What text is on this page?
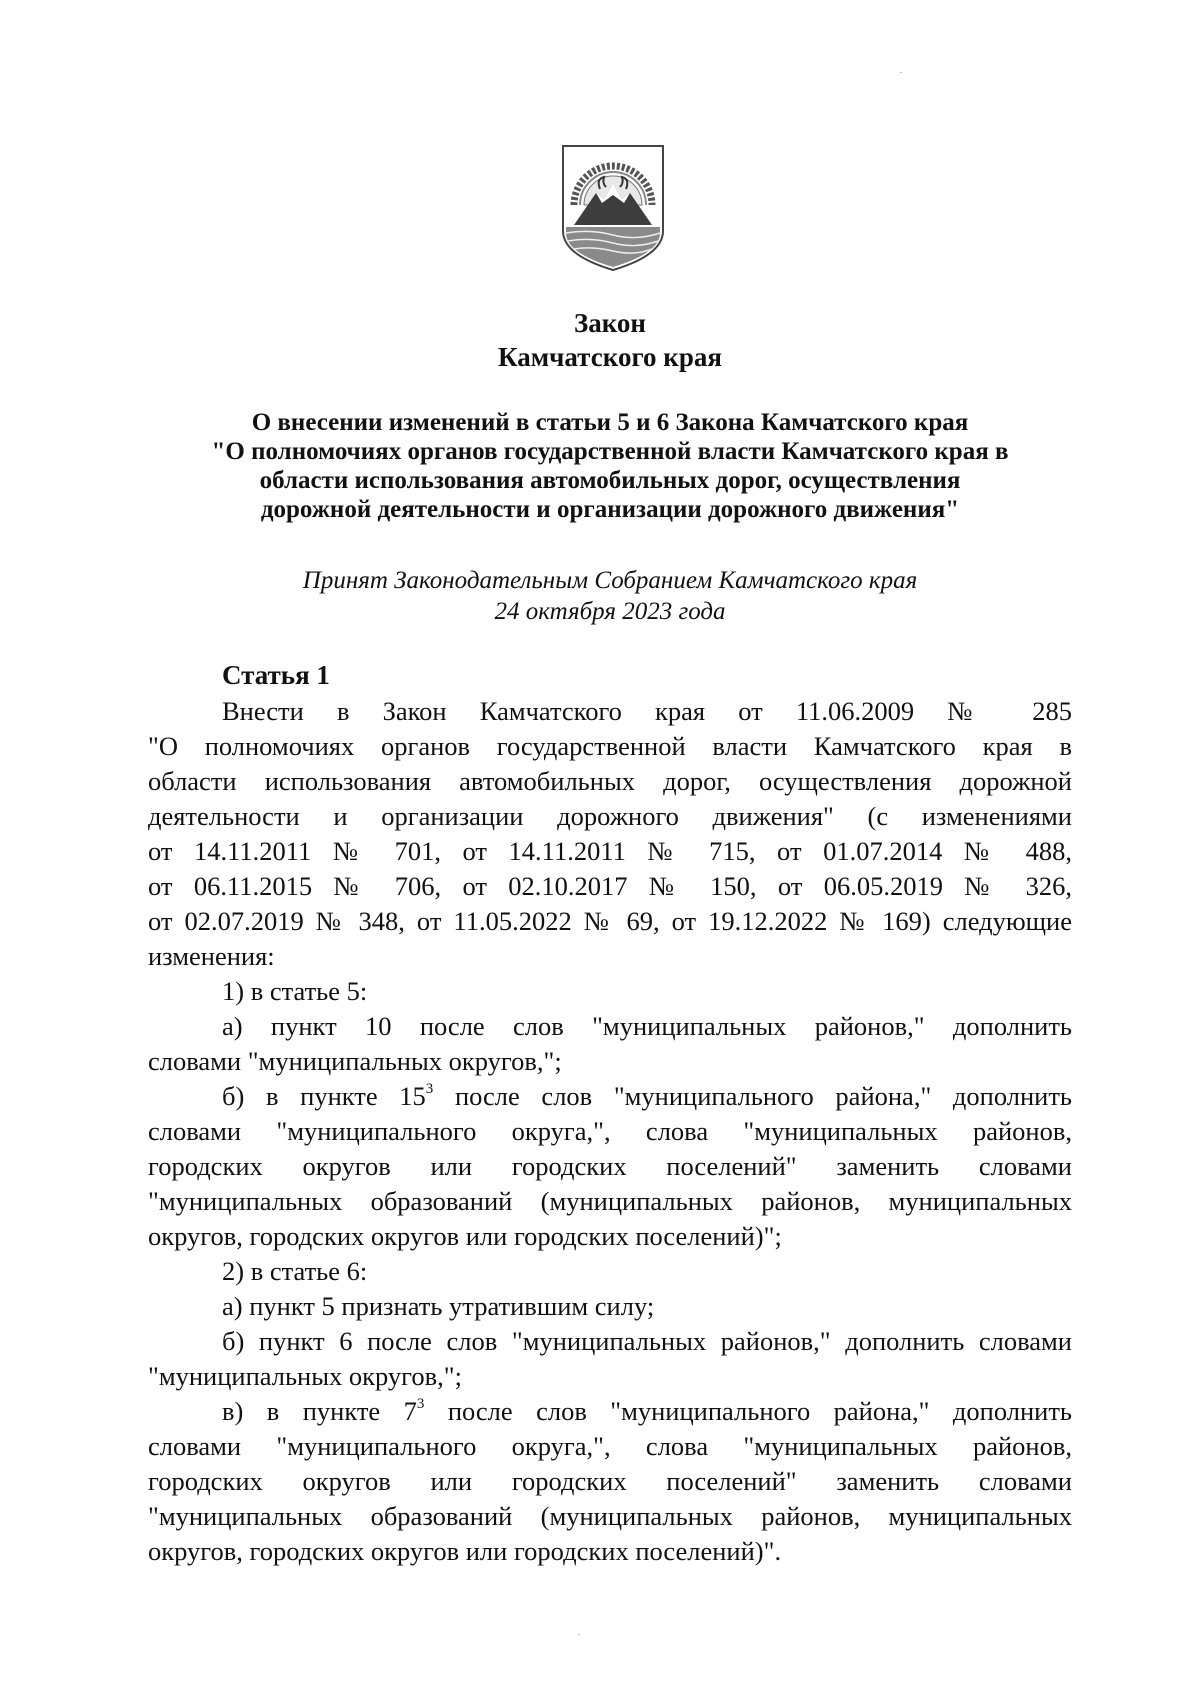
Закон
Камчатского края
О внесении изменений в статьи 5 и 6 Закона Камчатского края
"О полномочиях органов государственной власти Камчатского края в
области использования автомобильных дорог, осуществления
дорожной деятельности и организации дорожного движения"
Принят Законодательным Собранием Камчатского края
24 октября 2023 года
Статья 1
Внести в Закон Камчатского края от 11.06.2009 № 285
"О полномочиях органов государственной власти Камчатского края в
области использования автомобильных дорог, осуществления дорожной
деятельности и организации дорожного движения" (с изменениями
от 14.11.2011 № 701, от 14.11.2011 № 715, от 01.07.2014 № 488,
от 06.11.2015 № 706, от 02.10.2017 № 150, от 06.05.2019 № 326,
от 02.07.2019 № 348, от 11.05.2022 № 69, от 19.12.2022 № 169) следующие
изменения:
1) в статье 5:
а) пункт 10 после слов "муниципальных районов," дополнить
словами "муниципальных округов,";
б) в пункте $15^3$ после слов "муниципального района," дополнить
словами "муниципального округа,", слова "муниципальных районов,
городских округов или городских поселений" заменить словами
"муниципальных образований (муниципальных районов, муниципальных
округов, городских округов или городских поселений)";
2) в статье 6:
а) пункт 5 признать утратившим силу;
б) пункт 6 после слов "муниципальных районов," дополнить словами
"муниципальных округов,";
в) в пункте $7^3$ после слов "муниципального района," дополнить
словами "муниципального округа,", слова "муниципальных районов,
городских округов или городских поселений" заменить словами
"муниципальных образований (муниципальных районов, муниципальных
округов, городских округов или городских поселений)".
